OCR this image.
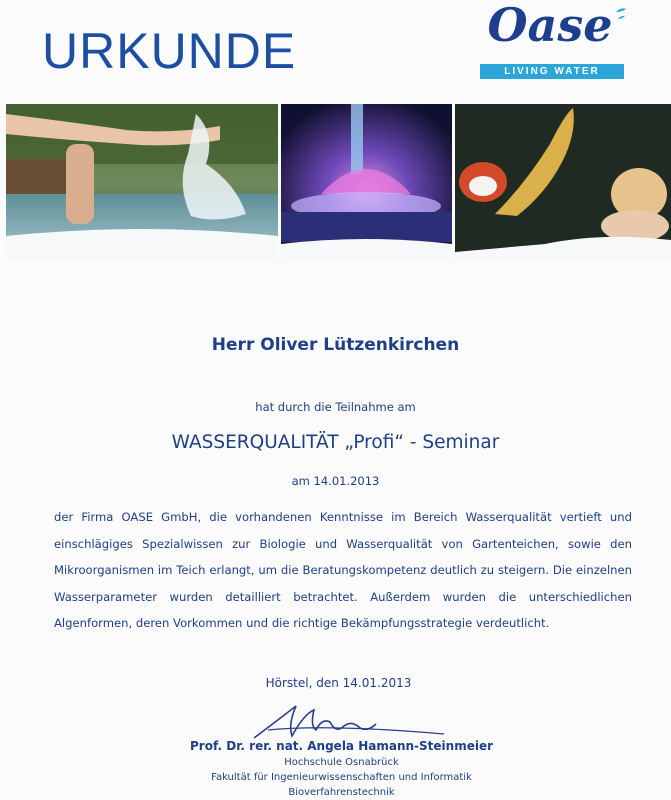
URKUNDE	Oase
LIVING WATER
Herr Oliver Lützenkirchen
hat durch die Teilnahme am
WASSERQUALITÄT „Profi“ - Seminar
am 14.01.2013

der Firma OASE GmbH, die vorhandenen Kenntnisse im Bereich Wasserqualität vertieft und einschlägiges Spezialwissen zur Biologie und Wasserqualität von Gartenteichen, sowie den Mikroorganismen im Teich erlangt, um die Beratungskompetenz deutlich zu steigern. Die einzelnen Wasserparameter wurden detailliert betrachtet. Außerdem wurden die unterschiedlichen Algenformen, deren Vorkommen und die richtige Bekämpfungsstrategie verdeutlicht.

Hörstel, den 14.01.2013
Prof. Dr. rer. nat. Angela Hamann-Steinmeier
Hochschule Osnabrück
Fakultät für Ingenieurwissenschaften und Informatik
Bioverfahrenstechnik
